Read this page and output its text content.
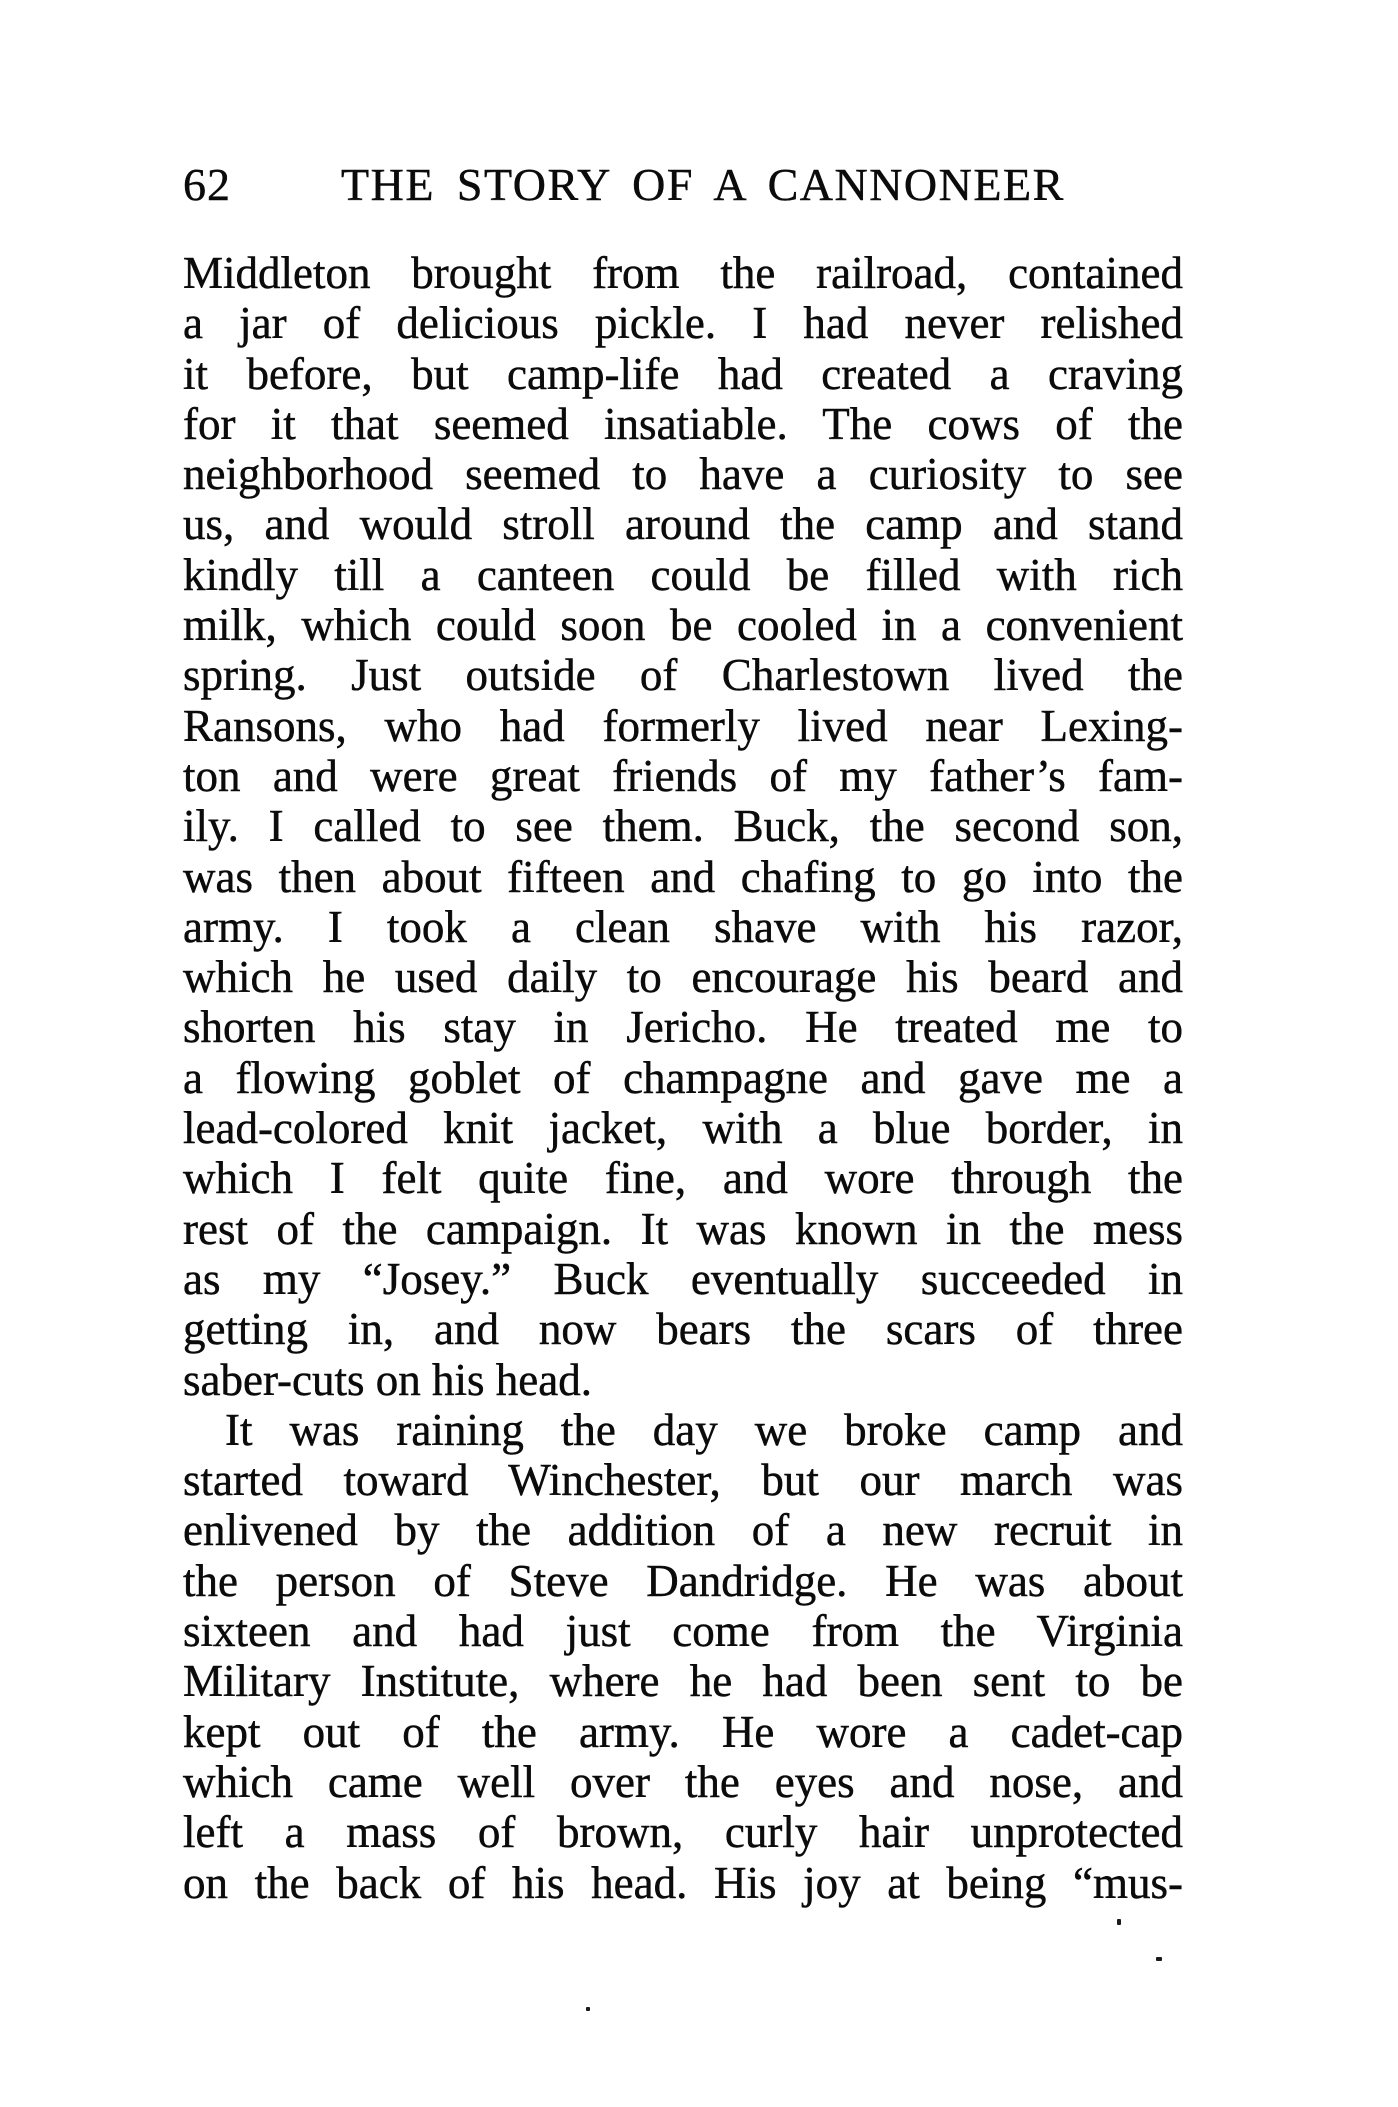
62 THE STORY OF A CANNONEER
Middleton brought from the railroad, contained
a jar of delicious pickle. I had never relished
it before, but camp-life had created a craving
for it that seemed insatiable. The cows of the
neighborhood seemed to have a curiosity to see
us, and would stroll around the camp and stand
kindly till a canteen could be filled with rich
milk, which could soon be cooled in a convenient
spring. Just outside of Charlestown lived the
Ransons, who had formerly lived near Lexing-
ton and were great friends of my father’s fam-
ily. I called to see them. Buck, the second son,
was then about fifteen and chafing to go into the
army. I took a clean shave with his razor,
which he used daily to encourage his beard and
shorten his stay in Jericho. He treated me to
a flowing goblet of champagne and gave me a
lead-colored knit jacket, with a blue border, in
which I felt quite fine, and wore through the
rest of the campaign. It was known in the mess
as my “Josey.” Buck eventually succeeded in
getting in, and now bears the scars of three
saber-cuts on his head.
It was raining the day we broke camp and
started toward Winchester, but our march was
enlivened by the addition of a new recruit in
the person of Steve Dandridge. He was about
sixteen and had just come from the Virginia
Military Institute, where he had been sent to be
kept out of the army. He wore a cadet-cap
which came well over the eyes and nose, and
left a mass of brown, curly hair unprotected
on the back of his head. His joy at being “mus-
